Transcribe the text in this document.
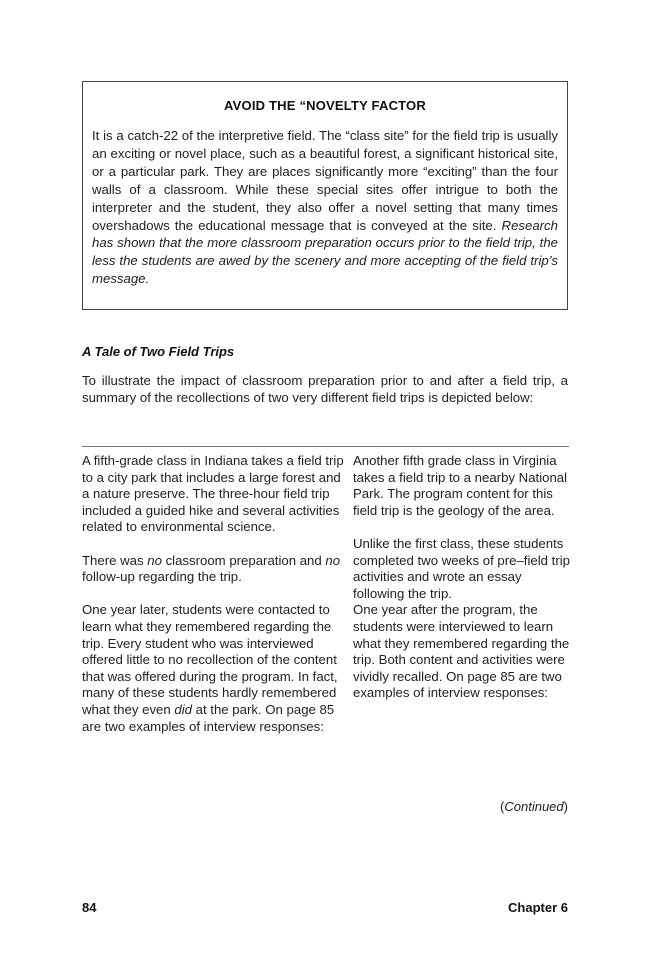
AVOID THE “NOVELTY FACTOR

It is a catch-22 of the interpretive field. The “class site” for the field trip is usually an exciting or novel place, such as a beautiful forest, a significant historical site, or a particular park. They are places significantly more “exciting” than the four walls of a classroom. While these special sites offer intrigue to both the interpreter and the student, they also offer a novel setting that many times overshadows the educational message that is conveyed at the site. Research has shown that the more classroom preparation occurs prior to the field trip, the less the students are awed by the scenery and more accepting of the field trip’s message.

A Tale of Two Field Trips

To illustrate the impact of classroom preparation prior to and after a field trip, a summary of the recollections of two very different field trips is depicted below:

A fifth-grade class in Indiana takes a field trip to a city park that includes a large forest and a nature preserve. The three-hour field trip included a guided hike and several activities related to environmental science.

There was no classroom preparation and no follow-up regarding the trip.

One year later, students were contacted to learn what they remembered regarding the trip. Every student who was interviewed offered little to no recollection of the content that was offered during the program. In fact, many of these students hardly remembered what they even did at the park. On page 85 are two examples of interview responses:

Another fifth grade class in Virginia takes a field trip to a nearby National Park. The program content for this field trip is the geology of the area.

Unlike the first class, these students completed two weeks of pre–field trip activities and wrote an essay following the trip.

One year after the program, the students were interviewed to learn what they remembered regarding the trip. Both content and activities were vividly recalled. On page 85 are two examples of interview responses:

(Continued)

84	Chapter 6
